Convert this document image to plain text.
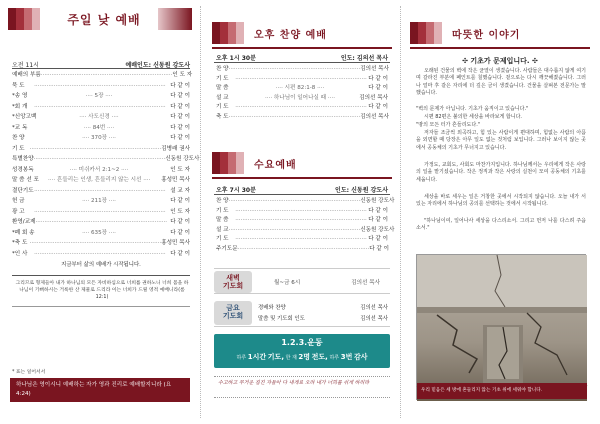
주일 낮 예배
오전 11시	예배인도: 신동원 강도사
예배의 부름 ·········································································· 인 도 자
묵 도	·········································································· 다 같 이
*송 영	···· 5장 ····	다 같 이
*회 개	·········································································· 다 같 이
*신앙고백	···· 사도신경 ····	다 같 이
*교 독	···· 84번 ····	다 같 이
찬 양	···· 370장 ····	다 같 이
기 도 ·········································································· 김병래 권사
특별찬양 ·········································································· 신동원 강도사
성경봉독	···· 미쉬카서 2:1~2 ····	인 도 자
말 씀 선 포	···· 흔들리는 인생, 흔들리지 않는 시선 ····	홍성민 목사
결단기도 ·········································································· 설 교 자
헌 금	···· 211장 ····	다 같 이
광 고	·········································································· 인 도 자
환영/교제 ·········································································· 다 같 이
*폐 회 송	···· 635장 ····	다 같 이
*축 도 ·········································································· 홍성민 목사
*인 사	·········································································· 다 같 이
지금부터 삶의 예배가 시작됩니다.
그리므로 형제들아 내가 하나님의 모든 자비하심으로 너희를 권하노니 너희 몸을 하나님이 기뻐하시는 거룩한 산 제물로 드리라 이는 너희가 드릴 영적 예배니라(롬 12:1)
* 표는 일어서서
하나님은 영이시니 예배하는 자가 영과 진리로 예배할지니라 (요4:24)
오후 찬양 예배
오후 1시 30분	인도: 김의선 목사
찬 양 ·········································································· 김의선 목사
기 도	·········································································· 다 같 이
말 씀	···· 시편 82:1-8 ····	다 같 이
설 교	···· 하나님이 일어나실 때 ····	김의선 목사
기 도	·········································································· 다 같 이
축 도 ·········································································· 김의선 목사
수요예배
오후 7시 30분	인도: 신동원 강도사
찬 양 ·········································································· 신동원 강도사
기 도	·········································································· 다 같 이
말 씀	·········································································· 다 같 이
설 교 ·········································································· 신동원 강도사
기 도	·········································································· 다 같 이
주기도문 ·········································································· 다 같 이
새벽
기도회	월~금 6시	김의선 목사
금요
기도회
경배와 찬양	김의선 목사
말씀 및 기도회 인도	김의선 목사
1.2.3.운동
하루 1시간 기도, 한 재 2명 전도, 하루 3번 감사
수고하고 무거운 짐진 자들아 다 내게로 오라 내가 너희를 쉬게 하리라
따뜻한 이야기
✣ 기초가 문제입니다. ✣
오래된 건물의 벽에 작은 균열이 생겼습니다. 사람들은 대수롭지 않게 여기며 갈라진 부분에 페인트를 칠했습니다. 겉으로는 다시 깨끗해졌습니다. 그러나 얼마 후 같은 자리에 더 깊은 금이 생겼습니다. 건물을 살펴본 전문가는 말했습니다.
"벽의 문제가 아닙니다. 기초가 움직이고 있습니다."
시편 82편은 불의한 세상을 바라보게 합니다.
"땅의 모든 터가 흔들리도다."
저자들 조금씩 외곡하고, 힘 있는 사람이게 편대하며, 힘없는 사람의 아픔을 외면할 때 당장은 아무 일도 없는 것처럼 보입니다. 그러나 보이지 않는 곳에서 공동체의 기초가 무너지고 있습니다.
가정도, 교회도, 사회도 마찬가지입니다. 하나님께서는 우리에게 작은 사랑의 일을 맡기셨습니다. 작은 정직과 작은 사랑의 실천이 모여 공동체의 기초를 세웁니다.
세상을 바로 세우는 일은 거창한 곳에서 시작되지 않습니다. 오늘 내가 서 있는 자리에서 하나님의 공의를 선택하는 것에서 시작됩니다.
"하나님이여, 일어나사 세상을 다스리소서. 그리고 먼저 나를 다스려 주옵소서."
우리 믿음은 세 방에 흔들리지 않는 기초 위에 세워야 합니다.
